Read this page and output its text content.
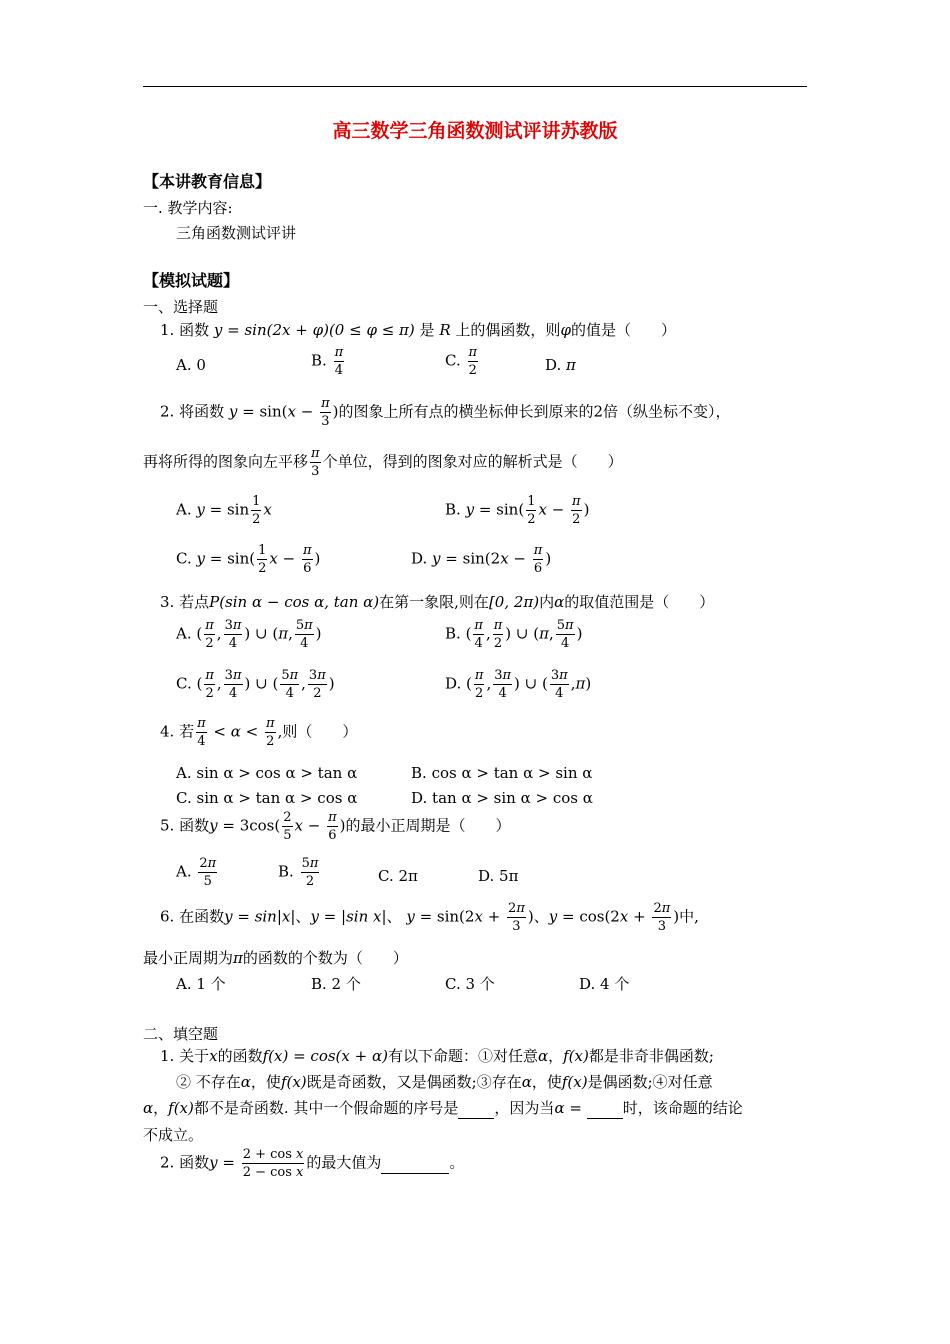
高三数学三角函数测试评讲苏教版
【本讲教育信息】
一. 教学内容:
三角函数测试评讲
【模拟试题】
一、选择题
1. 函数 y = sin(2x + φ)(0 ≤ φ ≤ π) 是 R 上的偶函数，则φ的值是（　　）
A. 0	B. $\frac{\pi}{4}$	C. $\frac{\pi}{2}$	D. π
2. 将函数 $y = \sin(x - \frac{\pi}{3}$ )的图象上所有点的横坐标伸长到原来的2倍（纵坐标不变），
再将所得的图象向左平移 $\frac{\pi}{3}$ 个单位，得到的图象对应的解析式是（　　）
A. $y = \sin \frac{1}{2}$ x	B. $y = \sin( \frac{1}{2}$ $x - \frac{\pi}{2}$ )
C. $y = \sin( \frac{1}{2}$ $x - \frac{\pi}{6}$ )	D. $y = \sin(2x - \frac{\pi}{6}$ )
3. 若点P(sin α − cos α, tan α)在第一象限,则在[0, 2π)内α的取值范围是（　　）
A. ( $\frac{\pi}{2}$ , $\frac{3\pi}{4}$ ) ∪ (π, $\frac{5\pi}{4}$ )	B. ( $\frac{\pi}{4}$ , $\frac{\pi}{2}$ ) ∪ (π, $\frac{5\pi}{4}$ )
C. ( $\frac{\pi}{2}$ , $\frac{3\pi}{4}$ ) ∪ ( $\frac{5\pi}{4}$ , $\frac{3\pi}{2}$ )	D. ( $\frac{\pi}{2}$ , $\frac{3\pi}{4}$ ) ∪ ( $\frac{3\pi}{4} ,\pi$)
4. 若 $\frac{\pi}{4} < \alpha < \frac{\pi}{2}$ ,则（　　）
A. sin α > cos α > tan α	B. cos α > tan α > sin α
C. sin α > tan α > cos α	D. tan α > sin α > cos α
5. 函数$y = 3\cos( \frac{2}{5}$ $x - \frac{\pi}{6}$ )的最小正周期是（　　）
A. $\frac{2\pi}{5}$	B. $\frac{5\pi}{2}$	C. 2π	D. 5π
6. 在函数y = sin|x|、y = |sin x|、 $y = \sin(2x + \frac{2\pi}{3}$ )、$y = \cos(2x + \frac{2\pi}{3}$ )中,
最小正周期为π的函数的个数为（　　）
A. 1 个	B. 2 个	C. 3 个	D. 4 个
二、填空题
1. 关于x的函数f(x) = cos(x + α)有以下命题：①对任意α，f(x)都是非奇非偶函数;
② 不存在α，使f(x)既是奇函数，又是偶函数;③存在α，使f(x)是偶函数;④对任意
α，f(x)都不是奇函数. 其中一个假命题的序号是 ，因为当α =  时，该命题的结论
不成立。
2. 函数$y = \frac{\text{2 + cos x}}{\text{2 − cos x}}$ 的最大值为	。
